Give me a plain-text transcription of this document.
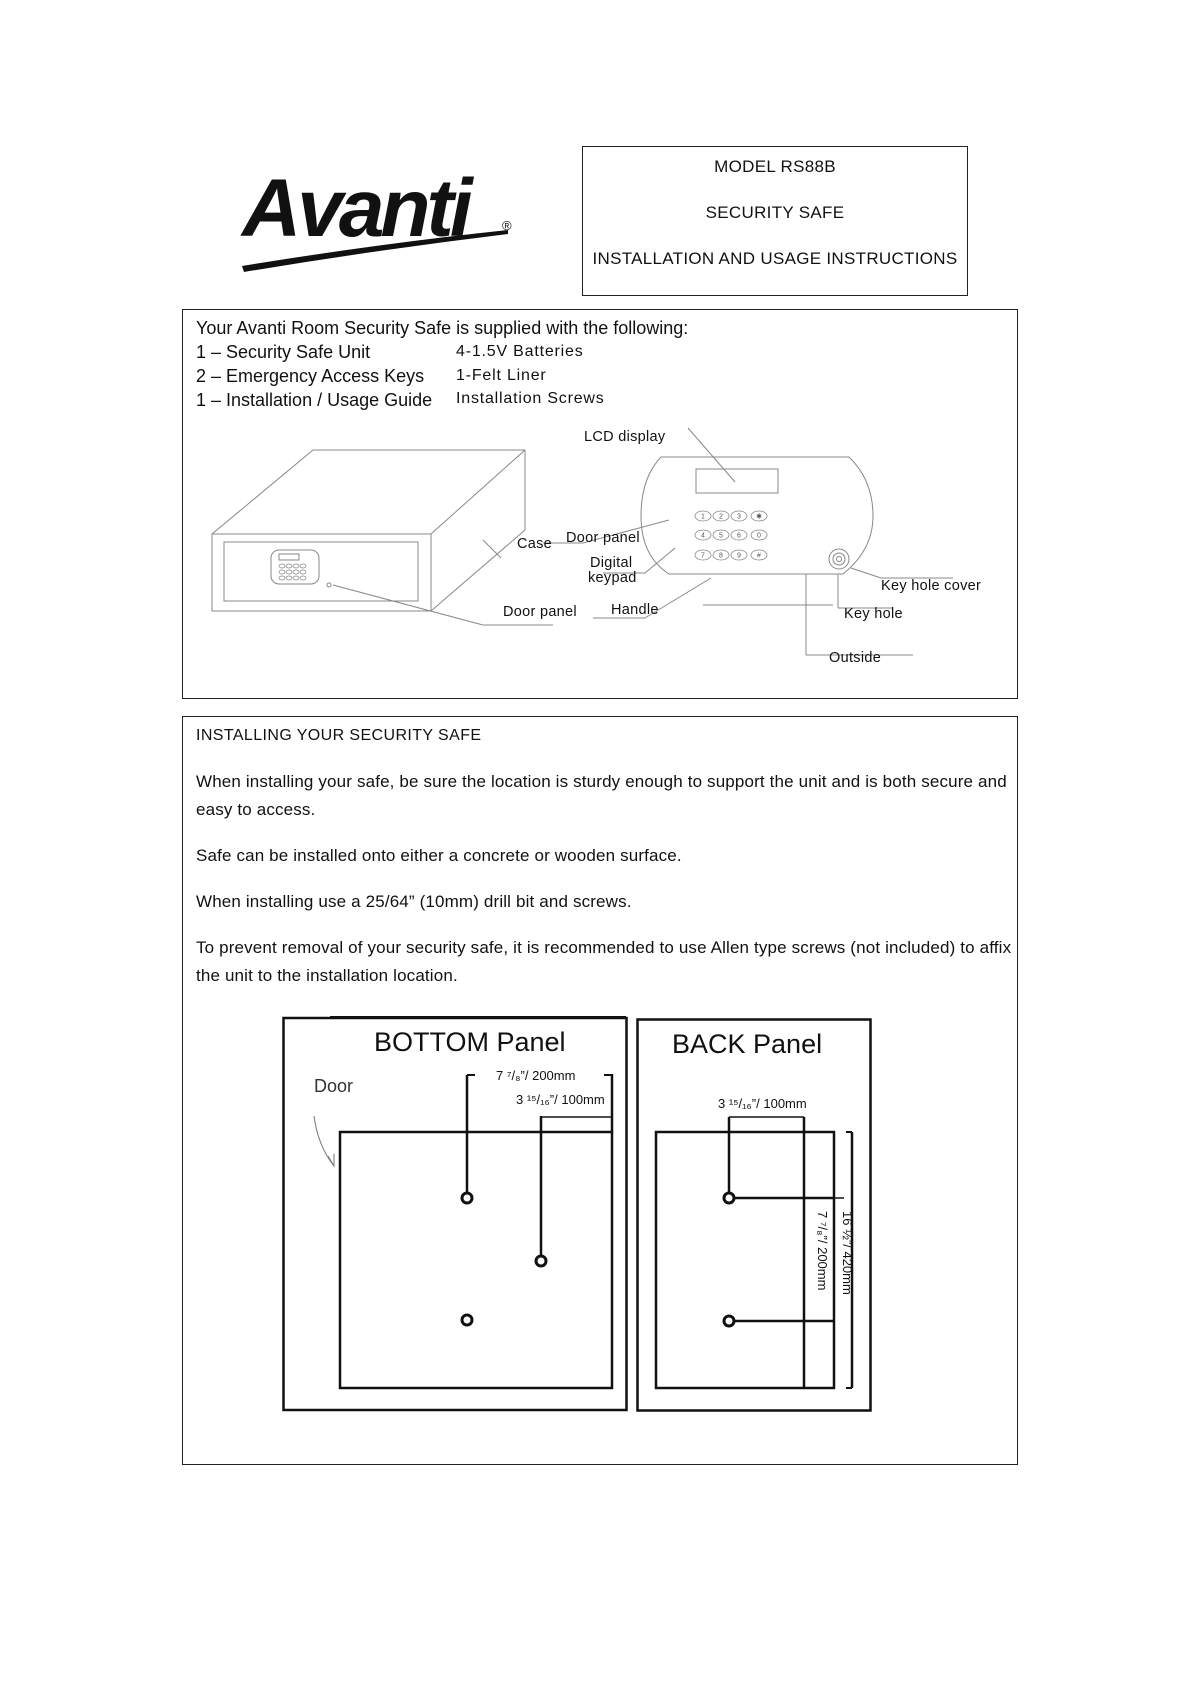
Avanti	®
MODEL RS88B
SECURITY SAFE
INSTALLATION AND USAGE INSTRUCTIONS
Your Avanti Room Security Safe is supplied with the following:
1 – Security Safe Unit
2 – Emergency Access Keys
1 – Installation / Usage Guide
4-1.5V Batteries
1-Felt Liner
Installation Screws
1 2 3 ✱
4 5 6 0
7 8 9 #
LCD display
Case Door panel
Digital
keypad
Door panel Handle
Key hole cover
Key hole
Outside
INSTALLING YOUR SECURITY SAFE
When installing your safe, be sure the location is sturdy enough to support the unit and is both secure and easy to access.
Safe can be installed onto either a concrete or wooden surface.
When installing use a 25/64” (10mm) drill bit and screws.
To prevent removal of your security safe, it is recommended to use Allen type screws (not included) to affix the unit to the installation location.
BOTTOM Panel
Door
7 ⁷/₈”/ 200mm
3 ¹⁵/₁₆”/ 100mm
BACK Panel
3 ¹⁵/₁₆”/ 100mm
16 ½”/ 420mm
7 ⁷/₈”/ 200mm
